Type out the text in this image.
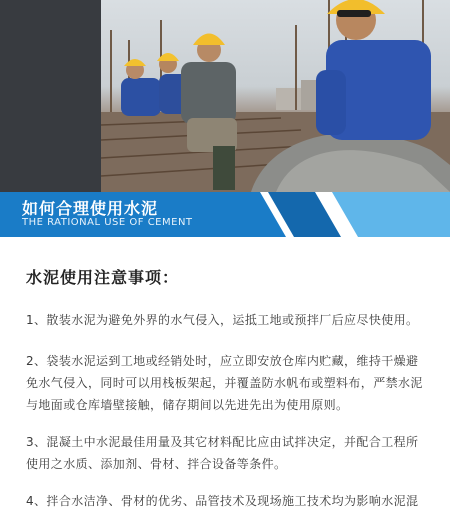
如何合理使用水泥

THE RATIONAL USE OF CEMENT

水泥使用注意事项：

1、散装水泥为避免外界的水气侵入，运抵工地或预拌厂后应尽快使用。

2、袋装水泥运到工地或经销处时，应立即安放仓库内贮藏，维持干燥避免水气侵入，同时可以用栈板架起，并覆盖防水帆布或塑料布，严禁水泥与地面或仓库墙壁接触，储存期间以先进先出为使用原则。

3、混凝土中水泥最佳用量及其它材料配比应由试拌决定，并配合工程所使用之水质、添加剂、骨材、拌合设备等条件。

4、拌合水洁净、骨材的优劣、品管技术及现场施工技术均为影响水泥混
